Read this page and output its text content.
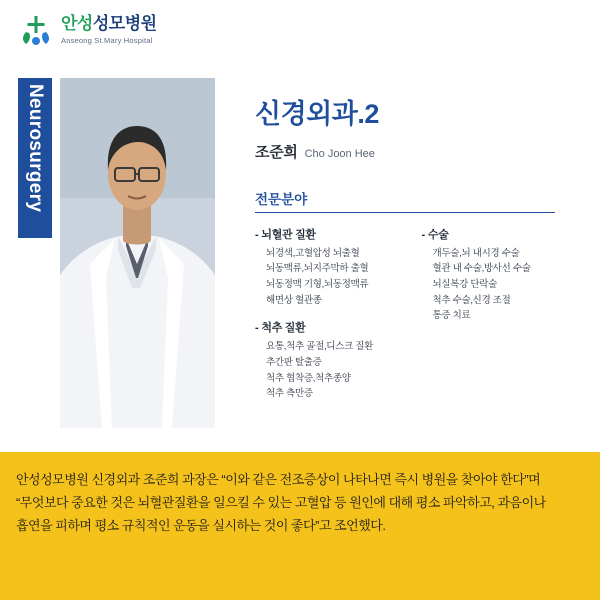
안성성모병원
Anseong St.Mary Hospital
Neurosurgery	신경외과.2
조준희 Cho Joon Hee
전문분야
- 뇌혈관 질환
뇌경색,고혈압성 뇌출혈
뇌동맥류,뇌지주막하 출혈
뇌동정맥 기형,뇌동정맥류
해면상 혈관종
- 척추 질환
요통,척추 골절,디스크 질환
추간판 탈출증
척추 협착증,척추종양
척추 측만증
- 수술
개두술,뇌 내시경 수술
혈관 내 수술,방사선 수술
뇌실복강 단락술
척추 수술,신경 조절
통증 치료

안성성모병원 신경외과 조준희 과장은 “이와 같은 전조증상이 나타나면 즉시 병원을 찾아야 한다”며 “무엇보다 중요한 것은 뇌혈관질환을 일으킬 수 있는 고혈압 등 원인에 대해 평소 파악하고, 과음이나 흡연을 피하며 평소 규칙적인 운동을 실시하는 것이 좋다”고 조언했다.
